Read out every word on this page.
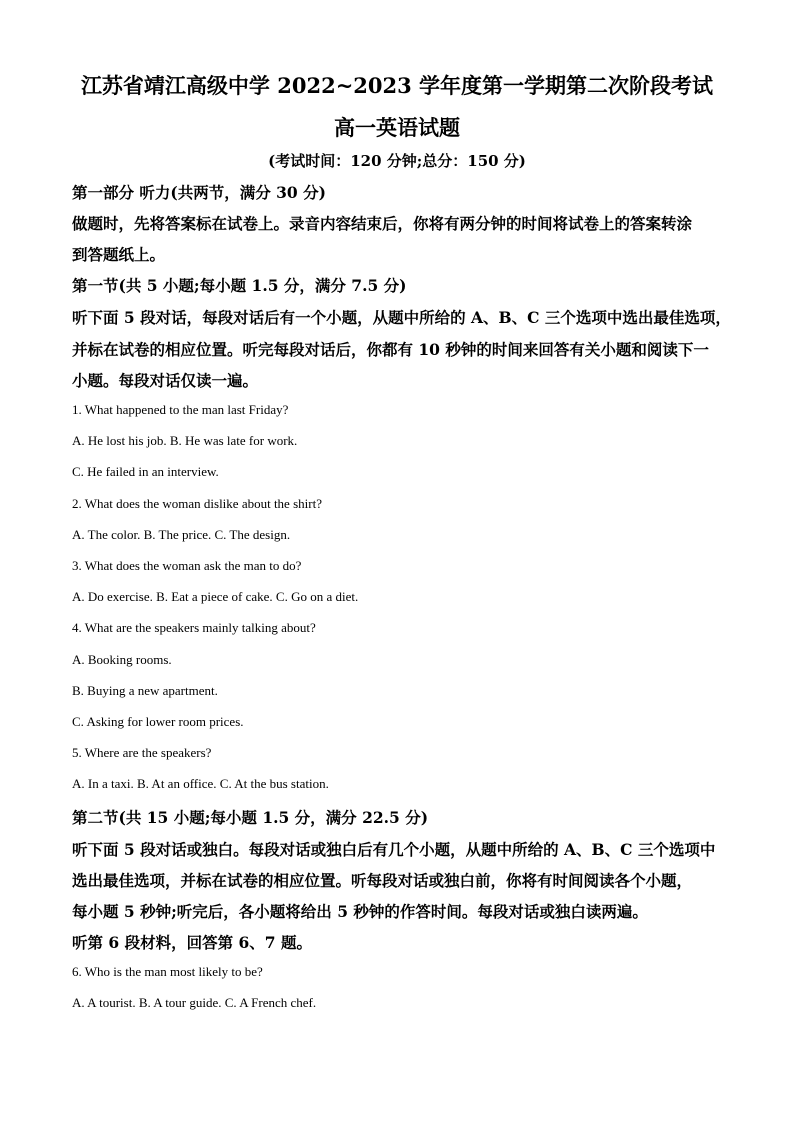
江苏省靖江高级中学 2022~2023 学年度第一学期第二次阶段考试
高一英语试题
(考试时间：120 分钟;总分：150 分)
第一部分 听力(共两节，满分 30 分)
做题时，先将答案标在试卷上。录音内容结束后，你将有两分钟的时间将试卷上的答案转涂
到答题纸上。
第一节(共 5 小题;每小题 1.5 分，满分 7.5 分)
听下面 5 段对话，每段对话后有一个小题，从题中所给的 A、B、C 三个选项中选出最佳选项，
并标在试卷的相应位置。听完每段对话后，你都有 10 秒钟的时间来回答有关小题和阅读下一
小题。每段对话仅读一遍。
1. What happened to the man last Friday?
A. He lost his job. B. He was late for work.
C. He failed in an interview.
2. What does the woman dislike about the shirt?
A. The color. B. The price. C. The design.
3. What does the woman ask the man to do?
A. Do exercise. B. Eat a piece of cake. C. Go on a diet.
4. What are the speakers mainly talking about?
A. Booking rooms.
B. Buying a new apartment.
C. Asking for lower room prices.
5. Where are the speakers?
A. In a taxi. B. At an office. C. At the bus station.
第二节(共 15 小题;每小题 1.5 分，满分 22.5 分)
听下面 5 段对话或独白。每段对话或独白后有几个小题，从题中所给的 A、B、C 三个选项中
选出最佳选项，并标在试卷的相应位置。听每段对话或独白前，你将有时间阅读各个小题，
每小题 5 秒钟;听完后，各小题将给出 5 秒钟的作答时间。每段对话或独白读两遍。
听第 6 段材料，回答第 6、7 题。
6. Who is the man most likely to be?
A. A tourist. B. A tour guide. C. A French chef.
